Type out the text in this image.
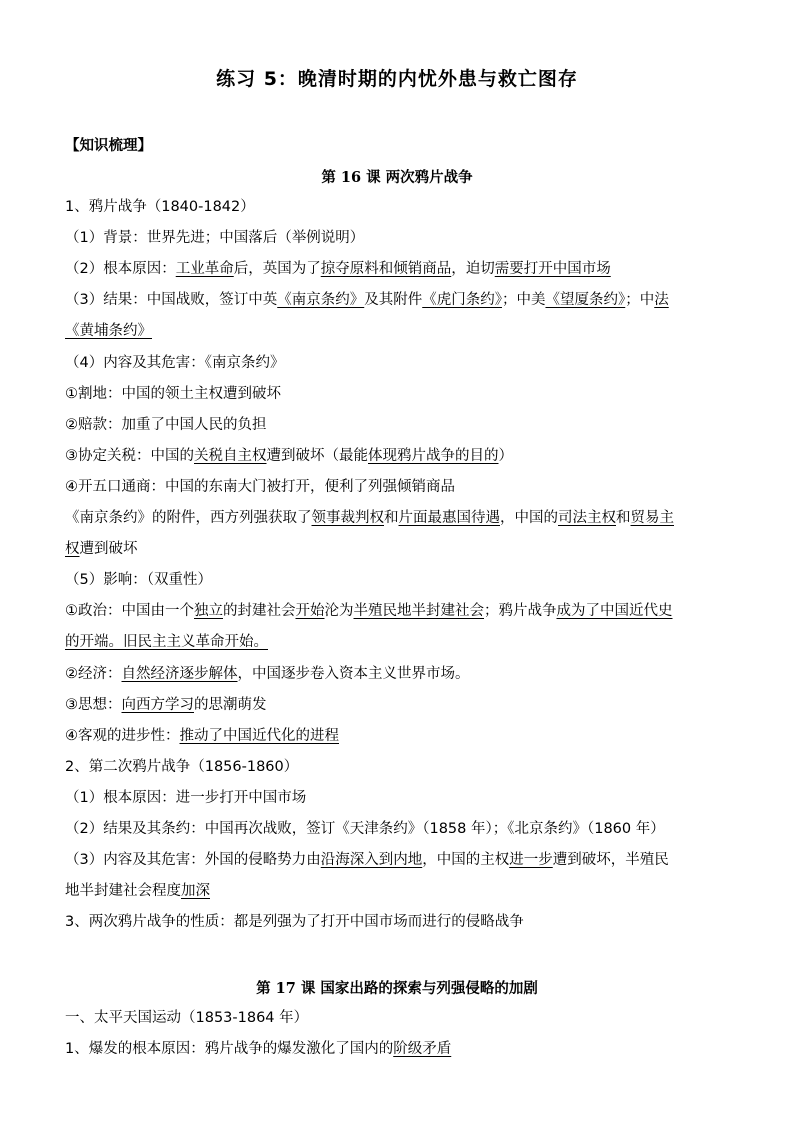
练习 5：晚清时期的内忧外患与救亡图存
【知识梳理】
第 16 课 两次鸦片战争
1、鸦片战争（1840-1842）
（1）背景：世界先进；中国落后（举例说明）
（2）根本原因：工业革命后，英国为了掠夺原料和倾销商品，迫切需要打开中国市场
（3）结果：中国战败，签订中英《南京条约》及其附件《虎门条约》；中美《望厦条约》；中法
《黄埔条约》
（4）内容及其危害：《南京条约》
①割地：中国的领土主权遭到破坏
②赔款：加重了中国人民的负担
③协定关税：中国的关税自主权遭到破坏（最能体现鸦片战争的目的）
④开五口通商：中国的东南大门被打开，便利了列强倾销商品
《南京条约》的附件，西方列强获取了领事裁判权和片面最惠国待遇，中国的司法主权和贸易主
权遭到破坏
（5）影响：（双重性）
①政治：中国由一个独立的封建社会开始沦为半殖民地半封建社会；鸦片战争成为了中国近代史
的开端。旧民主主义革命开始。
②经济：自然经济逐步解体，中国逐步卷入资本主义世界市场。
③思想：向西方学习的思潮萌发
④客观的进步性：推动了中国近代化的进程
2、第二次鸦片战争（1856-1860）
（1）根本原因：进一步打开中国市场
（2）结果及其条约：中国再次战败，签订《天津条约》（1858 年）；《北京条约》（1860 年）
（3）内容及其危害：外国的侵略势力由沿海深入到内地，中国的主权进一步遭到破坏，半殖民
地半封建社会程度加深
3、两次鸦片战争的性质：都是列强为了打开中国市场而进行的侵略战争
第 17 课 国家出路的探索与列强侵略的加剧
一、太平天国运动（1853-1864 年）
1、爆发的根本原因：鸦片战争的爆发激化了国内的阶级矛盾
